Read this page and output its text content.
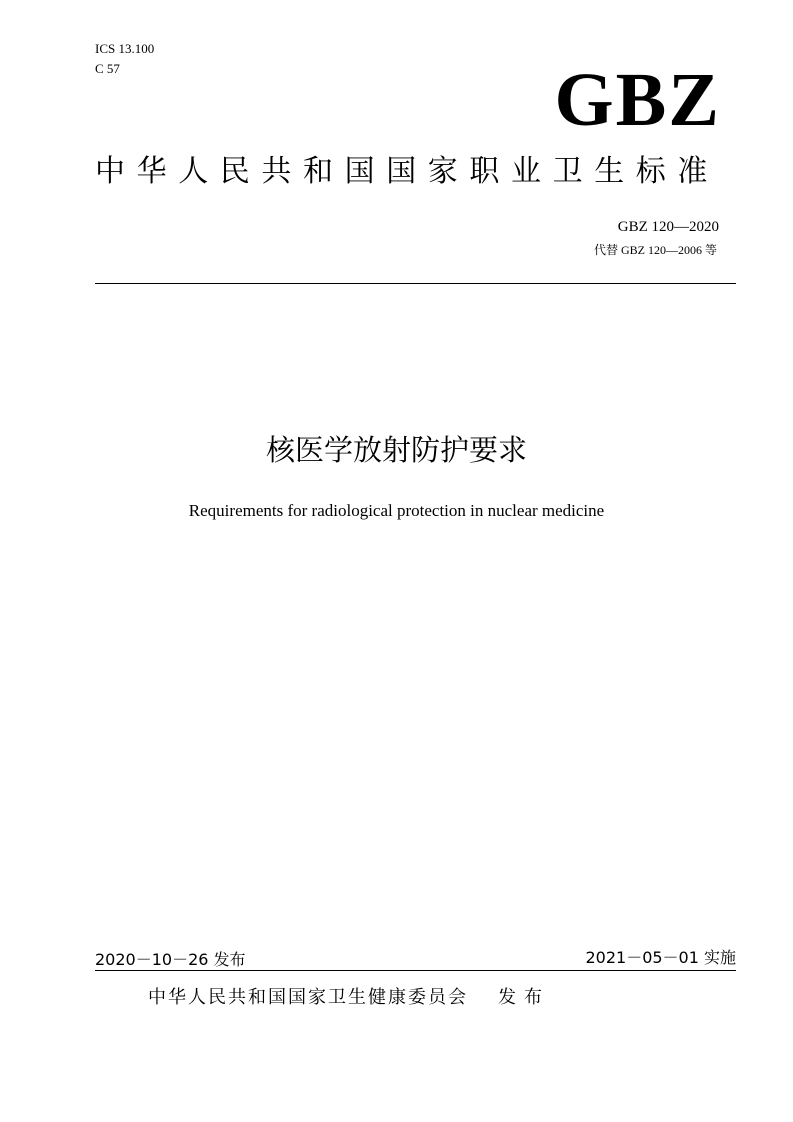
ICS 13.100
C 57	GBZ
中华人民共和国国家职业卫生标准
GBZ 120—2020
代替 GBZ 120—2006 等
核医学放射防护要求
Requirements for radiological protection in nuclear medicine
2020－10－26 发布	2021－05－01 实施
中华人民共和国国家卫生健康委员会 发布
